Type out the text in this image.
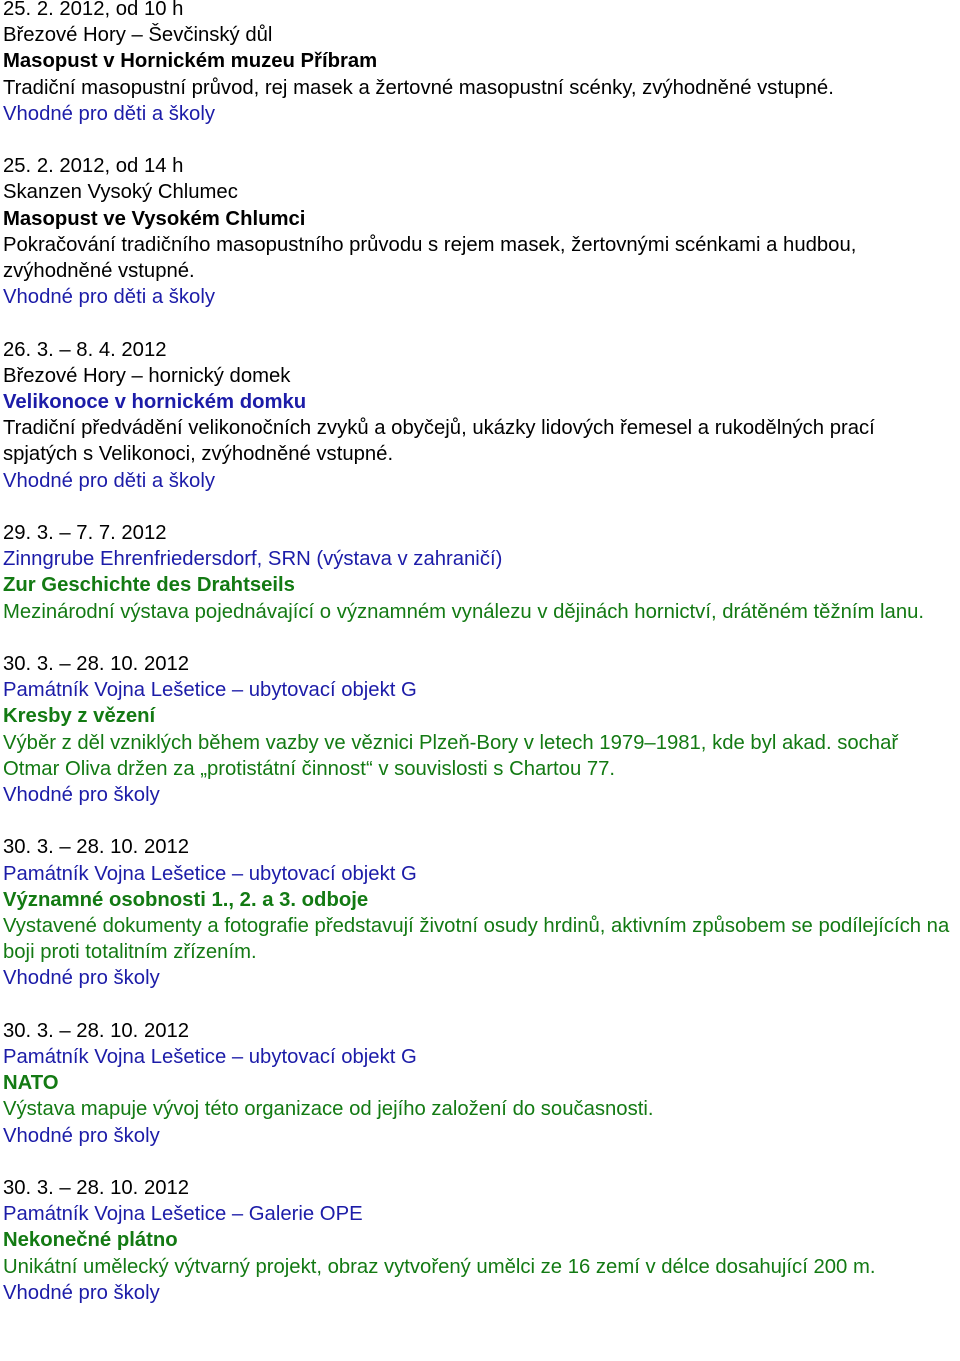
25. 2. 2012, od 10 h
Březové Hory – Ševčinský důl
Masopust v Hornickém muzeu Příbram
Tradiční masopustní průvod, rej masek a žertovné masopustní scénky, zvýhodněné vstupné.
Vhodné pro děti a školy
25. 2. 2012, od 14 h
Skanzen Vysoký Chlumec
Masopust ve Vysokém Chlumci
Pokračování tradičního masopustního průvodu s rejem masek, žertovnými scénkami a hudbou, zvýhodněné vstupné.
Vhodné pro děti a školy
26. 3. – 8. 4. 2012
Březové Hory – hornický domek
Velikonoce v hornickém domku
Tradiční předvádění velikonočních zvyků a obyčejů, ukázky lidových řemesel a rukodělných prací spjatých s Velikonoci, zvýhodněné vstupné.
Vhodné pro děti a školy
29. 3. – 7. 7. 2012
Zinngrube Ehrenfriedersdorf, SRN (výstava v zahraničí)
Zur Geschichte des Drahtseils
Mezinárodní výstava pojednávající o významném vynálezu v dějinách hornictví, drátěném těžním lanu.
30. 3. – 28. 10. 2012
Památník Vojna Lešetice – ubytovací objekt G
Kresby z vězení
Výběr z děl vzniklých během vazby ve věznici Plzeň-Bory v letech 1979–1981, kde byl akad. sochař Otmar Oliva držen za „protistátní činnost“ v souvislosti s Chartou 77.
Vhodné pro školy
30. 3. – 28. 10. 2012
Památník Vojna Lešetice – ubytovací objekt G
Významné osobnosti 1., 2. a 3. odboje
Vystavené dokumenty a fotografie představují životní osudy hrdinů, aktivním způsobem se podílejících na boji proti totalitním zřízením.
Vhodné pro školy
30. 3. – 28. 10. 2012
Památník Vojna Lešetice – ubytovací objekt G
NATO
Výstava mapuje vývoj této organizace od jejího založení do současnosti.
Vhodné pro školy
30. 3. – 28. 10. 2012
Památník Vojna Lešetice – Galerie OPE
Nekonečné plátno
Unikátní umělecký výtvarný projekt, obraz vytvořený umělci ze 16 zemí v délce dosahující 200 m.
Vhodné pro školy
